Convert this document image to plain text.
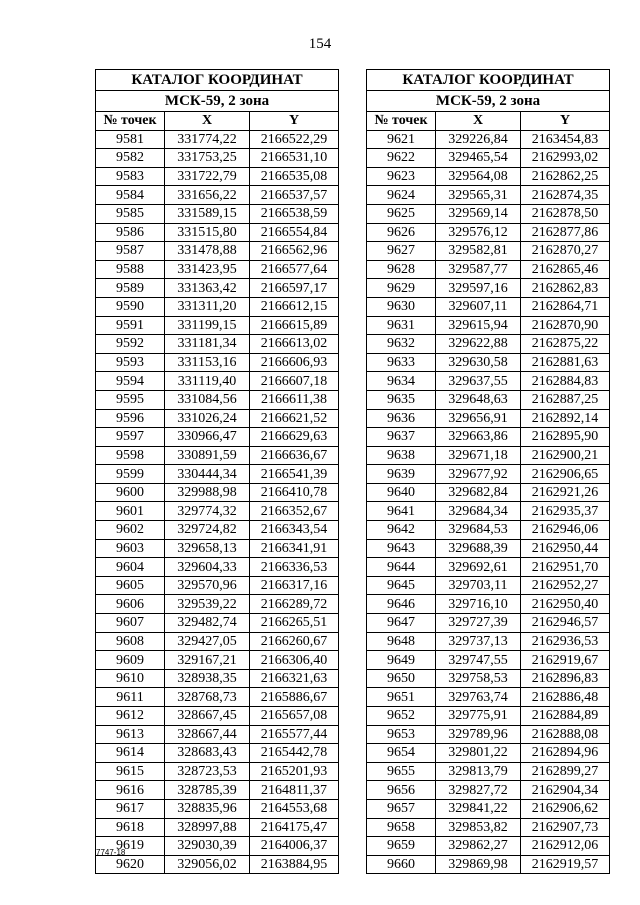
154
КАТАЛОГ КООРДИНАТ		
МСК-59, 2 зона		
№ точек	X	Y
9581	331774,22	2166522,29
9582	331753,25	2166531,10
9583	331722,79	2166535,08
9584	331656,22	2166537,57
9585	331589,15	2166538,59
9586	331515,80	2166554,84
9587	331478,88	2166562,96
9588	331423,95	2166577,64
9589	331363,42	2166597,17
9590	331311,20	2166612,15
9591	331199,15	2166615,89
9592	331181,34	2166613,02
9593	331153,16	2166606,93
9594	331119,40	2166607,18
9595	331084,56	2166611,38
9596	331026,24	2166621,52
9597	330966,47	2166629,63
9598	330891,59	2166636,67
9599	330444,34	2166541,39
9600	329988,98	2166410,78
9601	329774,32	2166352,67
9602	329724,82	2166343,54
9603	329658,13	2166341,91
9604	329604,33	2166336,53
9605	329570,96	2166317,16
9606	329539,22	2166289,72
9607	329482,74	2166265,51
9608	329427,05	2166260,67
9609	329167,21	2166306,40
9610	328938,35	2166321,63
9611	328768,73	2165886,67
9612	328667,45	2165657,08
9613	328667,44	2165577,44
9614	328683,43	2165442,78
9615	328723,53	2165201,93
9616	328785,39	2164811,37
9617	328835,96	2164553,68
9618	328997,88	2164175,47
9619	329030,39	2164006,37
9620	329056,02	2163884,95
КАТАЛОГ КООРДИНАТ		
МСК-59, 2 зона		
№ точек	X	Y
9621	329226,84	2163454,83
9622	329465,54	2162993,02
9623	329564,08	2162862,25
9624	329565,31	2162874,35
9625	329569,14	2162878,50
9626	329576,12	2162877,86
9627	329582,81	2162870,27
9628	329587,77	2162865,46
9629	329597,16	2162862,83
9630	329607,11	2162864,71
9631	329615,94	2162870,90
9632	329622,88	2162875,22
9633	329630,58	2162881,63
9634	329637,55	2162884,83
9635	329648,63	2162887,25
9636	329656,91	2162892,14
9637	329663,86	2162895,90
9638	329671,18	2162900,21
9639	329677,92	2162906,65
9640	329682,84	2162921,26
9641	329684,34	2162935,37
9642	329684,53	2162946,06
9643	329688,39	2162950,44
9644	329692,61	2162951,70
9645	329703,11	2162952,27
9646	329716,10	2162950,40
9647	329727,39	2162946,57
9648	329737,13	2162936,53
9649	329747,55	2162919,67
9650	329758,53	2162896,83
9651	329763,74	2162886,48
9652	329775,91	2162884,89
9653	329789,96	2162888,08
9654	329801,22	2162894,96
9655	329813,79	2162899,27
9656	329827,72	2162904,34
9657	329841,22	2162906,62
9658	329853,82	2162907,73
9659	329862,27	2162912,06
9660	329869,98	2162919,57
7747-18
